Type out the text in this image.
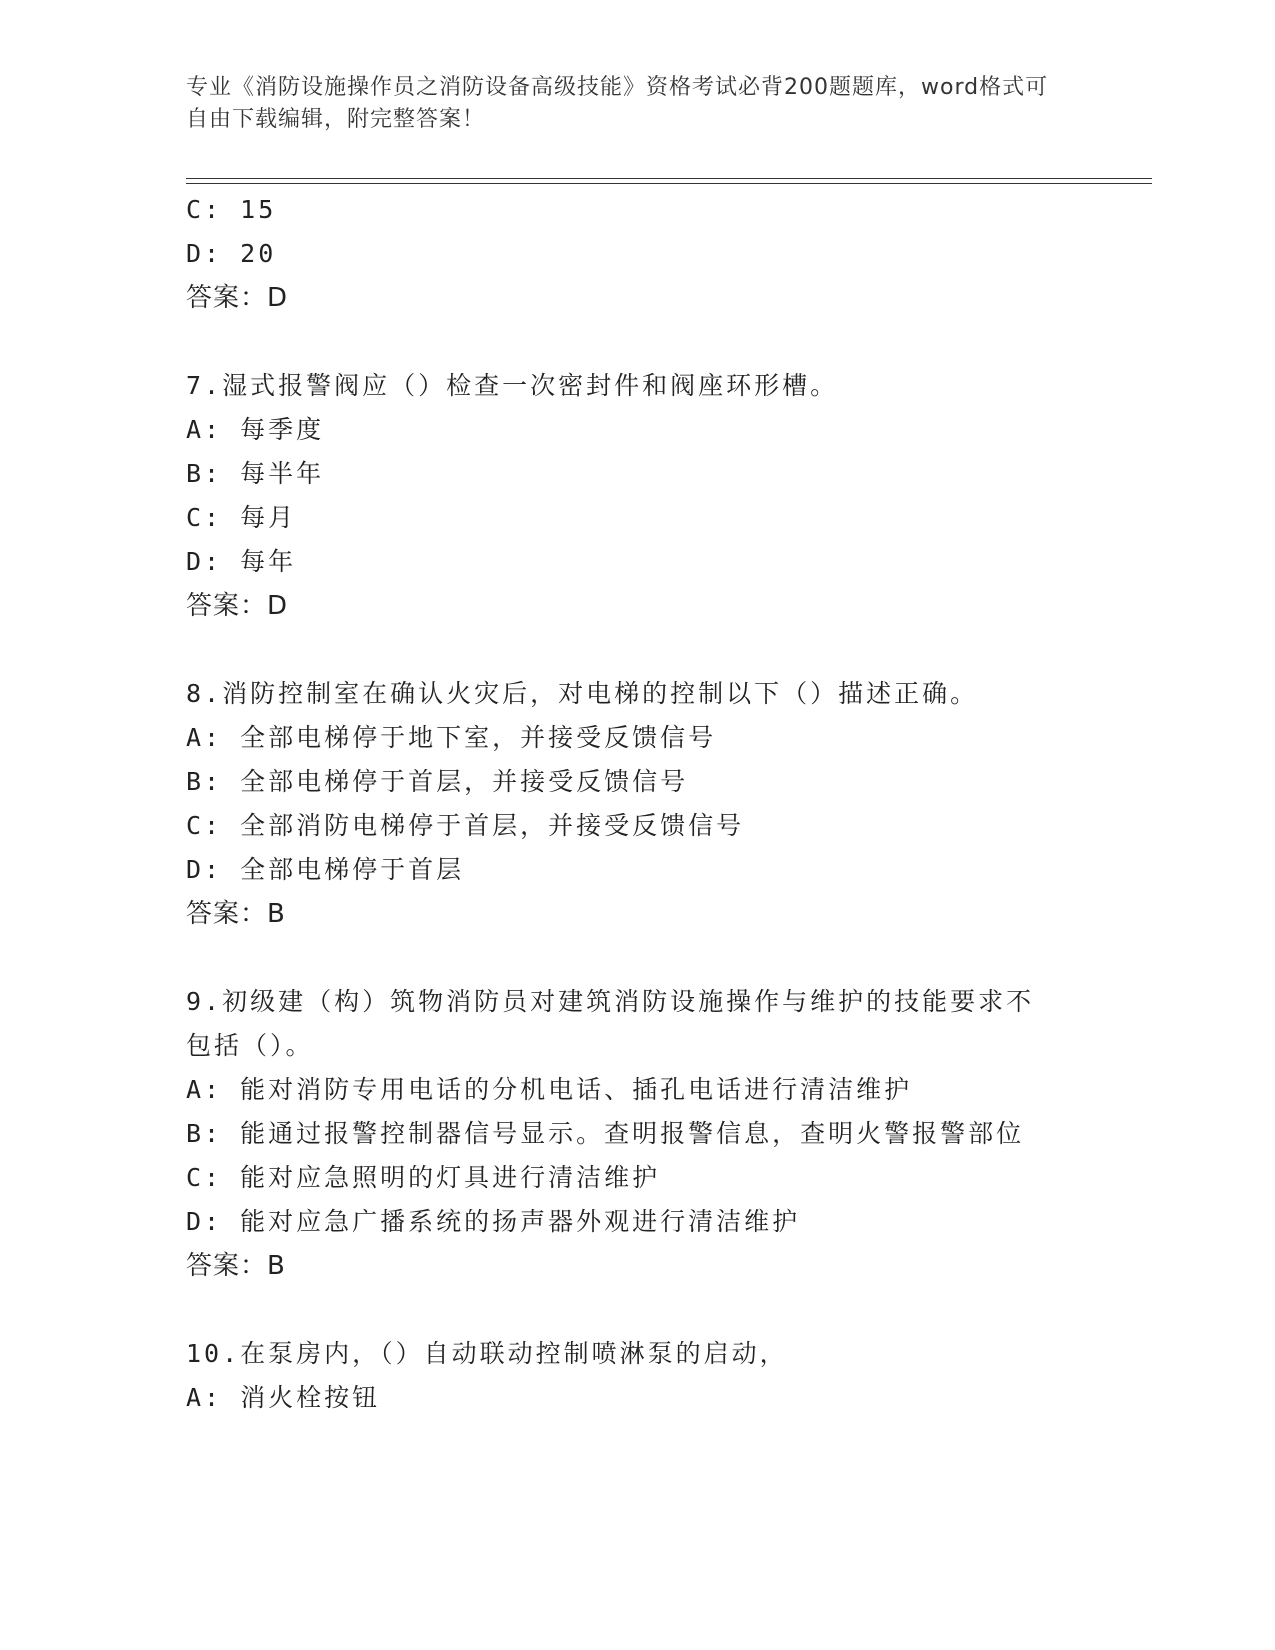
专业《消防设施操作员之消防设备高级技能》资格考试必背200题题库，word格式可自由下载编辑，附完整答案！
C: 15
D: 20
答案：D
7.湿式报警阀应（）检查一次密封件和阀座环形槽。
A: 每季度
B: 每半年
C: 每月
D: 每年
答案：D
8.消防控制室在确认火灾后，对电梯的控制以下（）描述正确。
A: 全部电梯停于地下室，并接受反馈信号
B: 全部电梯停于首层，并接受反馈信号
C: 全部消防电梯停于首层，并接受反馈信号
D: 全部电梯停于首层
答案：B
9.初级建（构）筑物消防员对建筑消防设施操作与维护的技能要求不
包括（）。
A: 能对消防专用电话的分机电话、插孔电话进行清洁维护
B: 能通过报警控制器信号显示。查明报警信息，查明火警报警部位
C: 能对应急照明的灯具进行清洁维护
D: 能对应急广播系统的扬声器外观进行清洁维护
答案：B
10.在泵房内，（）自动联动控制喷淋泵的启动，
A: 消火栓按钮
